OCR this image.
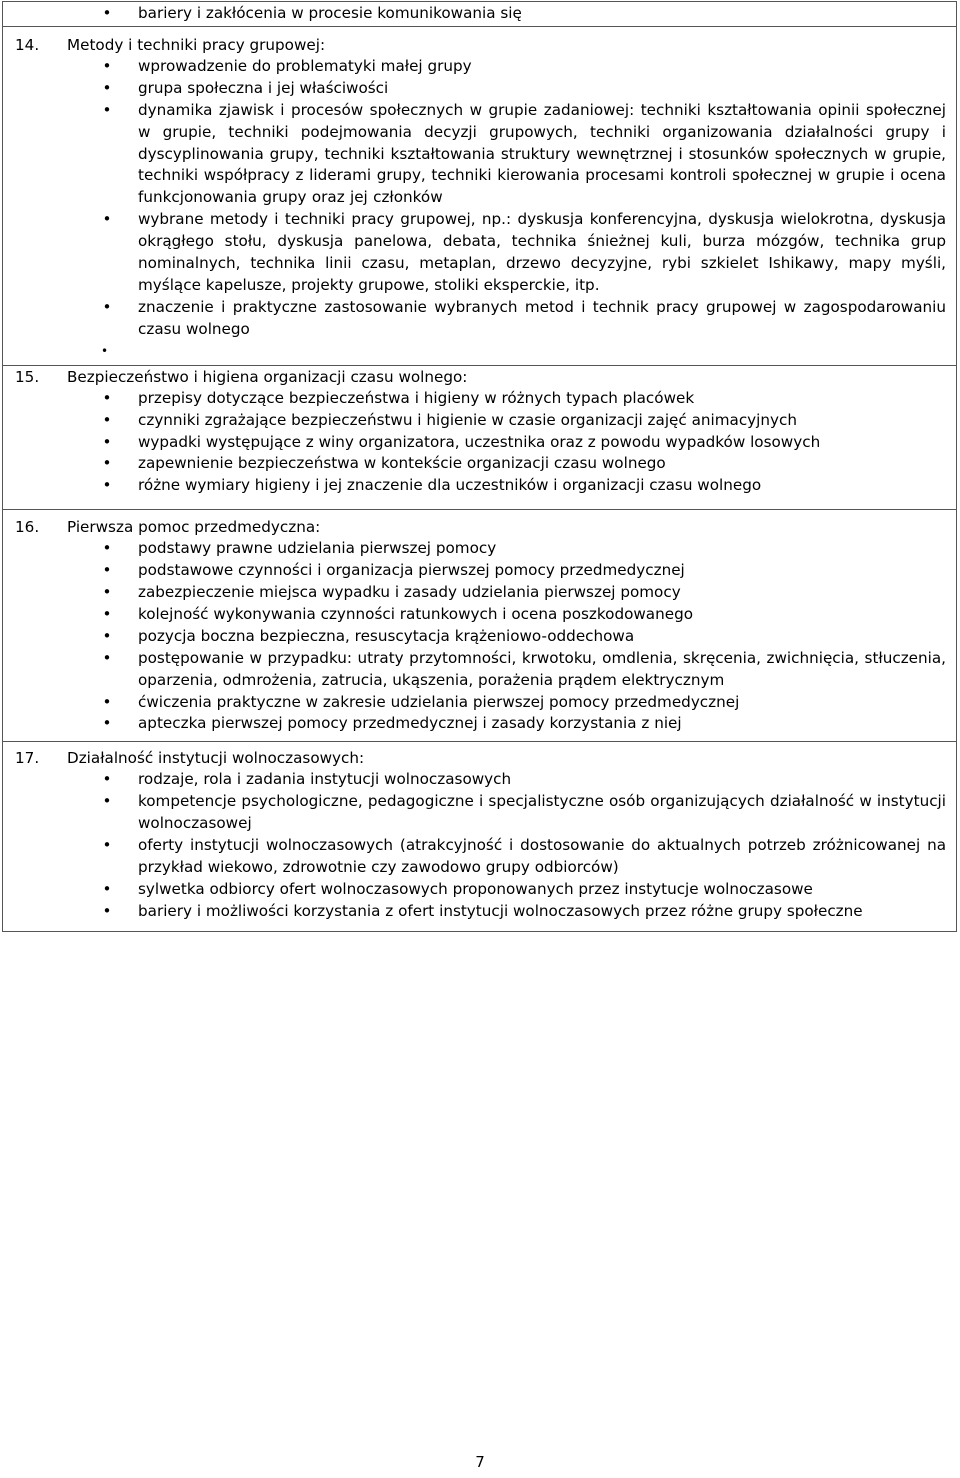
• bariery i zakłócenia w procesie komunikowania się

14.	Metody i techniki pracy grupowej:
• wprowadzenie do problematyki małej grupy
• grupa społeczna i jej właściwości
• dynamika zjawisk i procesów społecznych w grupie zadaniowej: techniki kształtowania opinii społecznej w grupie, techniki podejmowania decyzji grupowych, techniki organizowania działalności grupy i dyscyplinowania grupy, techniki kształtowania struktury wewnętrznej i stosunków społecznych w grupie, techniki współpracy z liderami grupy, techniki kierowania procesami kontroli społecznej w grupie i ocena funkcjonowania grupy oraz jej członków
• wybrane metody i techniki pracy grupowej, np.: dyskusja konferencyjna, dyskusja wielokrotna, dyskusja okrągłego stołu, dyskusja panelowa, debata, technika śnieżnej kuli, burza mózgów, technika grup nominalnych, technika linii czasu, metaplan, drzewo decyzyjne, rybi szkielet Ishikawy, mapy myśli, myślące kapelusze, projekty grupowe, stoliki eksperckie, itp.
• znaczenie i praktyczne zastosowanie wybranych metod i technik pracy grupowej w zagospodarowaniu czasu wolnego
•

15.	Bezpieczeństwo i higiena organizacji czasu wolnego:
• przepisy dotyczące bezpieczeństwa i higieny w różnych typach placówek
• czynniki zgrażające bezpieczeństwu i higienie w czasie organizacji zajęć animacyjnych
• wypadki występujące z winy organizatora, uczestnika oraz z powodu wypadków losowych
• zapewnienie bezpieczeństwa w kontekście organizacji czasu wolnego
• różne wymiary higieny i jej znaczenie dla uczestników i organizacji czasu wolnego

16.	Pierwsza pomoc przedmedyczna:
• podstawy prawne udzielania pierwszej pomocy
• podstawowe czynności i organizacja pierwszej pomocy przedmedycznej
• zabezpieczenie miejsca wypadku i zasady udzielania pierwszej pomocy
• kolejność wykonywania czynności ratunkowych i ocena poszkodowanego
• pozycja boczna bezpieczna, resuscytacja krążeniowo-oddechowa
• postępowanie w przypadku: utraty przytomności, krwotoku, omdlenia, skręcenia, zwichnięcia, stłuczenia, oparzenia, odmrożenia, zatrucia, ukąszenia, porażenia prądem elektrycznym
• ćwiczenia praktyczne w zakresie udzielania pierwszej pomocy przedmedycznej
• apteczka pierwszej pomocy przedmedycznej i zasady korzystania z niej

17.	Działalność instytucji wolnoczasowych:
• rodzaje, rola i zadania instytucji wolnoczasowych
• kompetencje psychologiczne, pedagogiczne i specjalistyczne osób organizujących działalność w instytucji wolnoczasowej
• oferty instytucji wolnoczasowych (atrakcyjność i dostosowanie do aktualnych potrzeb zróżnicowanej na przykład wiekowo, zdrowotnie czy zawodowo grupy odbiorców)
• sylwetka odbiorcy ofert wolnoczasowych proponowanych przez instytucje wolnoczasowe
• bariery i możliwości korzystania z ofert instytucji wolnoczasowych przez różne grupy społeczne
7
